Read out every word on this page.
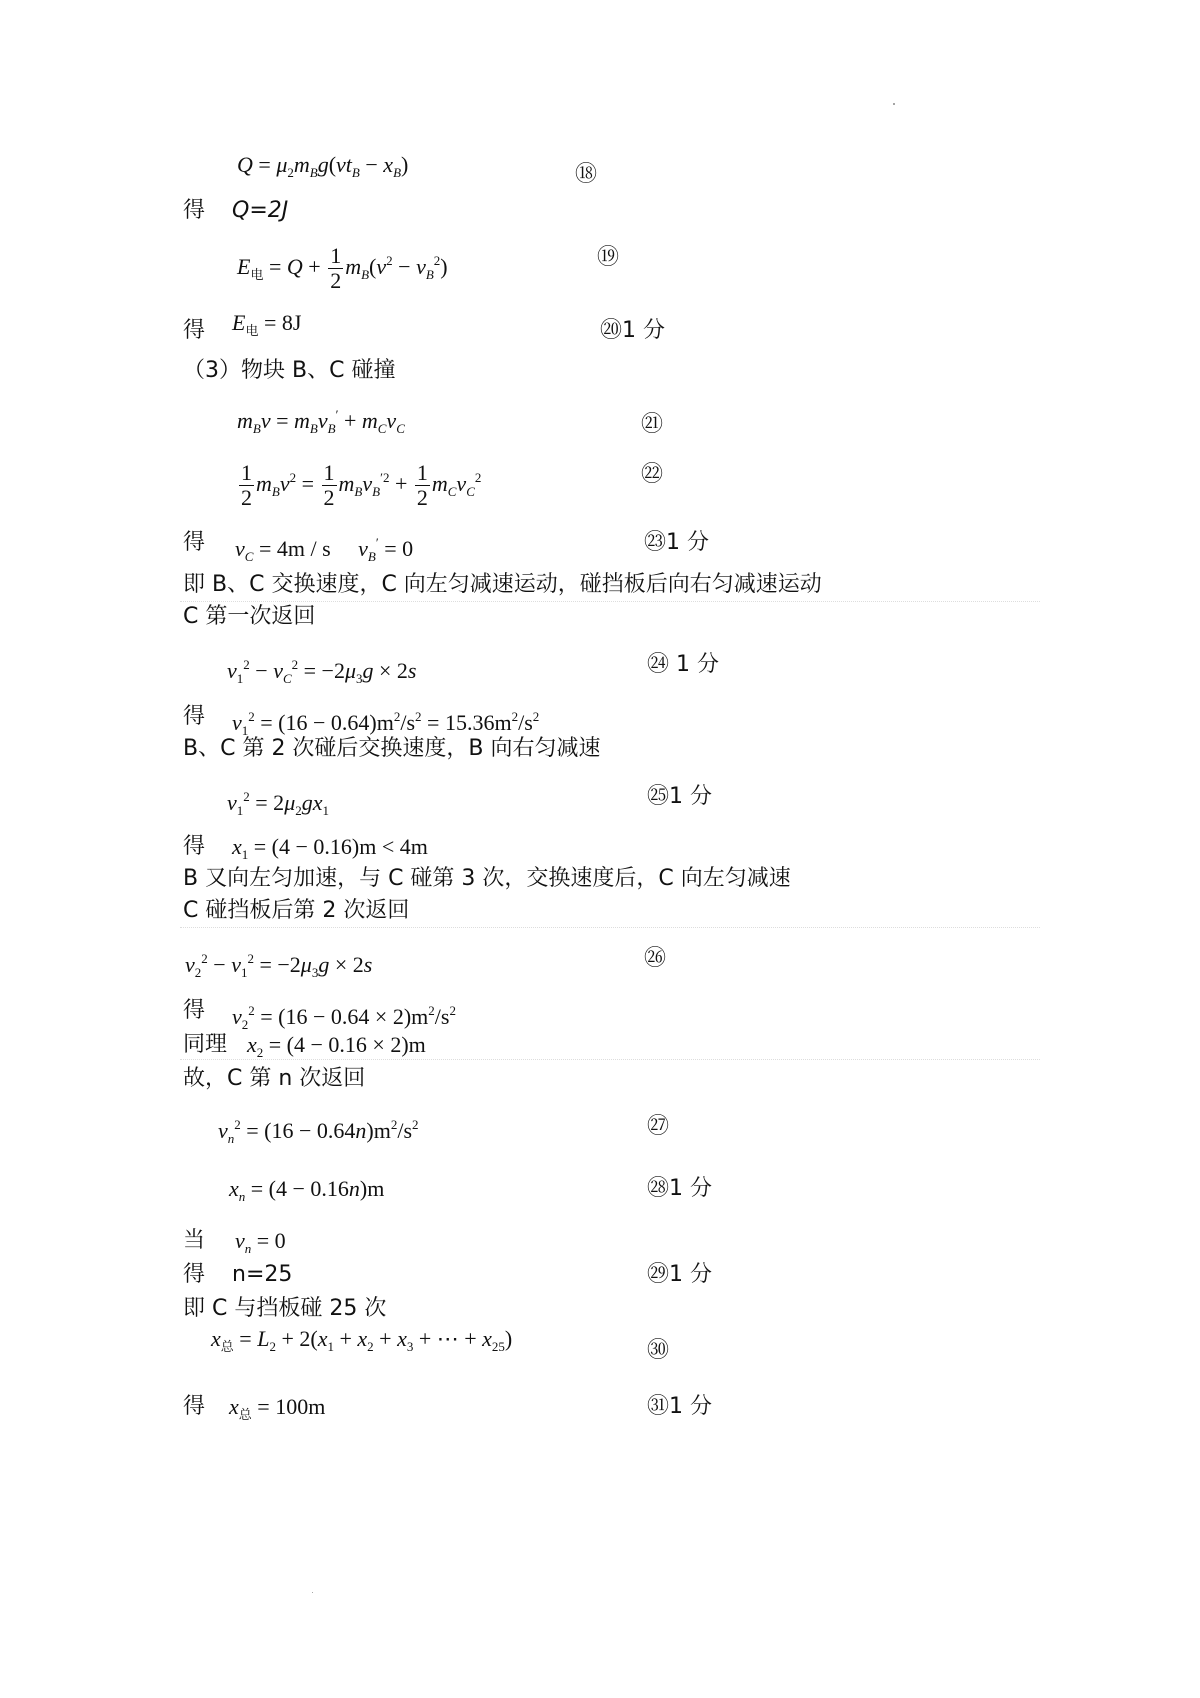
$Q = \mu_2m_Bg(vt_B - x_B)$	⑱
得 Q=2J
$E_电 = Q + \frac{1}{2} m_B(v^2 - v_B^2)$	⑲
得 $E_电 = 8J$	⑳1 分
（3）物块 B、C 碰撞
$m_Bv = m_Bv_B' + m_Cv_C$	㉑
$\frac{1}{2} m_Bv^2 = \frac{1}{2} m_Bv_B^{'2} + \frac{1}{2} m_Cv_C^2$	㉒
得 $v_C = 4m / s$     $v_B' = 0$	㉓1 分
即 B、C 交换速度，C 向左匀减速运动，碰挡板后向右匀减速运动
C 第一次返回
$v_1^2 - v_C^2 = -2\mu_3g \times 2s$	㉔ 1 分
得 $v_1^2 = (16 - 0.64)m^2/s^2 = 15.36m^2/s^2$
B、C 第 2 次碰后交换速度，B 向右匀减速
$v_1^2 = 2\mu_2gx_1$
㉕1 分
得 $x_1 = (4 - 0.16)m < 4m$
B 又向左匀加速，与 C 碰第 3 次，交换速度后，C 向左匀减速
C 碰挡板后第 2 次返回
$v_2^2 - v_1^2 = -2\mu_3g \times 2s$	㉖
得 $v_2^2 = (16 - 0.64 \times 2)m^2/s^2$
同理 $x_2 = (4 - 0.16 \times 2)m$
故，C 第 n 次返回
$v_n^2 = (16 - 0.64n)m^2/s^2$	㉗
$x_n = (4 - 0.16n)m$	㉘1 分
当 $v_n = 0$
得 n=25	㉙1 分
即 C 与挡板碰 25 次
$x_总 = L_2 + 2(x_1 + x_2 + x_3$ + ⋯ + $x_{25}$)	㉚
得 $x_总 = 100m$	㉛1 分
